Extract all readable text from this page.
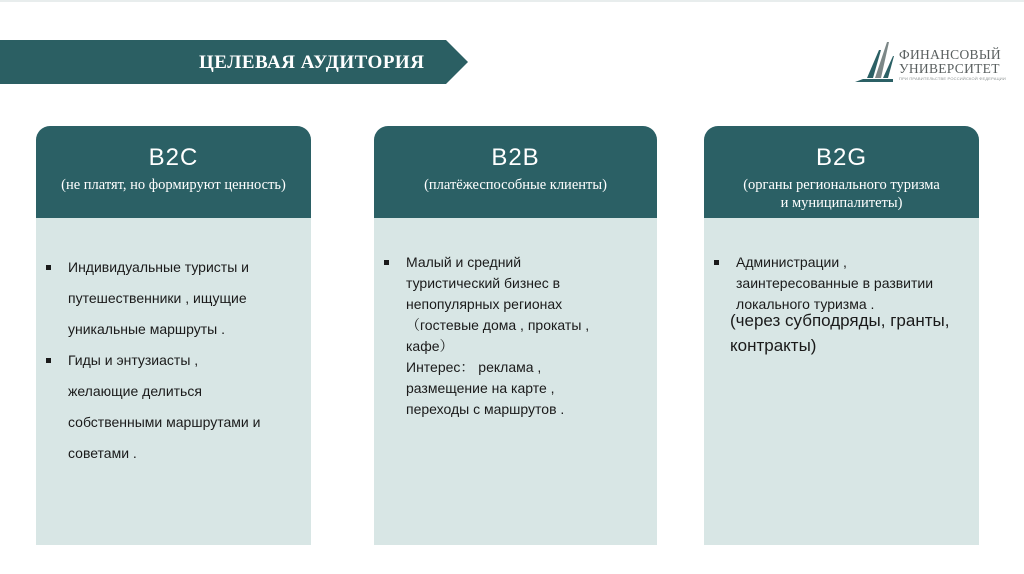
ЦЕЛЕВАЯ АУДИТОРИЯ	ФИНАНСОВЫЙ
УНИВЕРСИТЕТ
ПРИ ПРАВИТЕЛЬСТВЕ РОССИЙСКОЙ ФЕДЕРАЦИИ
B2C
(не платят, но формируют ценность)
Индивидуальные туристы и
путешественники , ищущие
уникальные маршруты .
Гиды и энтузиасты ,
желающие делиться
собственными маршрутами и
советами .
B2B
(платёжеспособные клиенты)
Малый и средний
туристический бизнес в
непопулярных регионах
（гостевые дома , прокаты ,
кафе）
Интерес： реклама ,
размещение на карте ,
переходы с маршрутов .
B2G
(органы регионального туризма
и муниципалитеты)
Администрации ,
заинтересованные в развитии
локального туризма .
(через субподряды, гранты,
контракты)
